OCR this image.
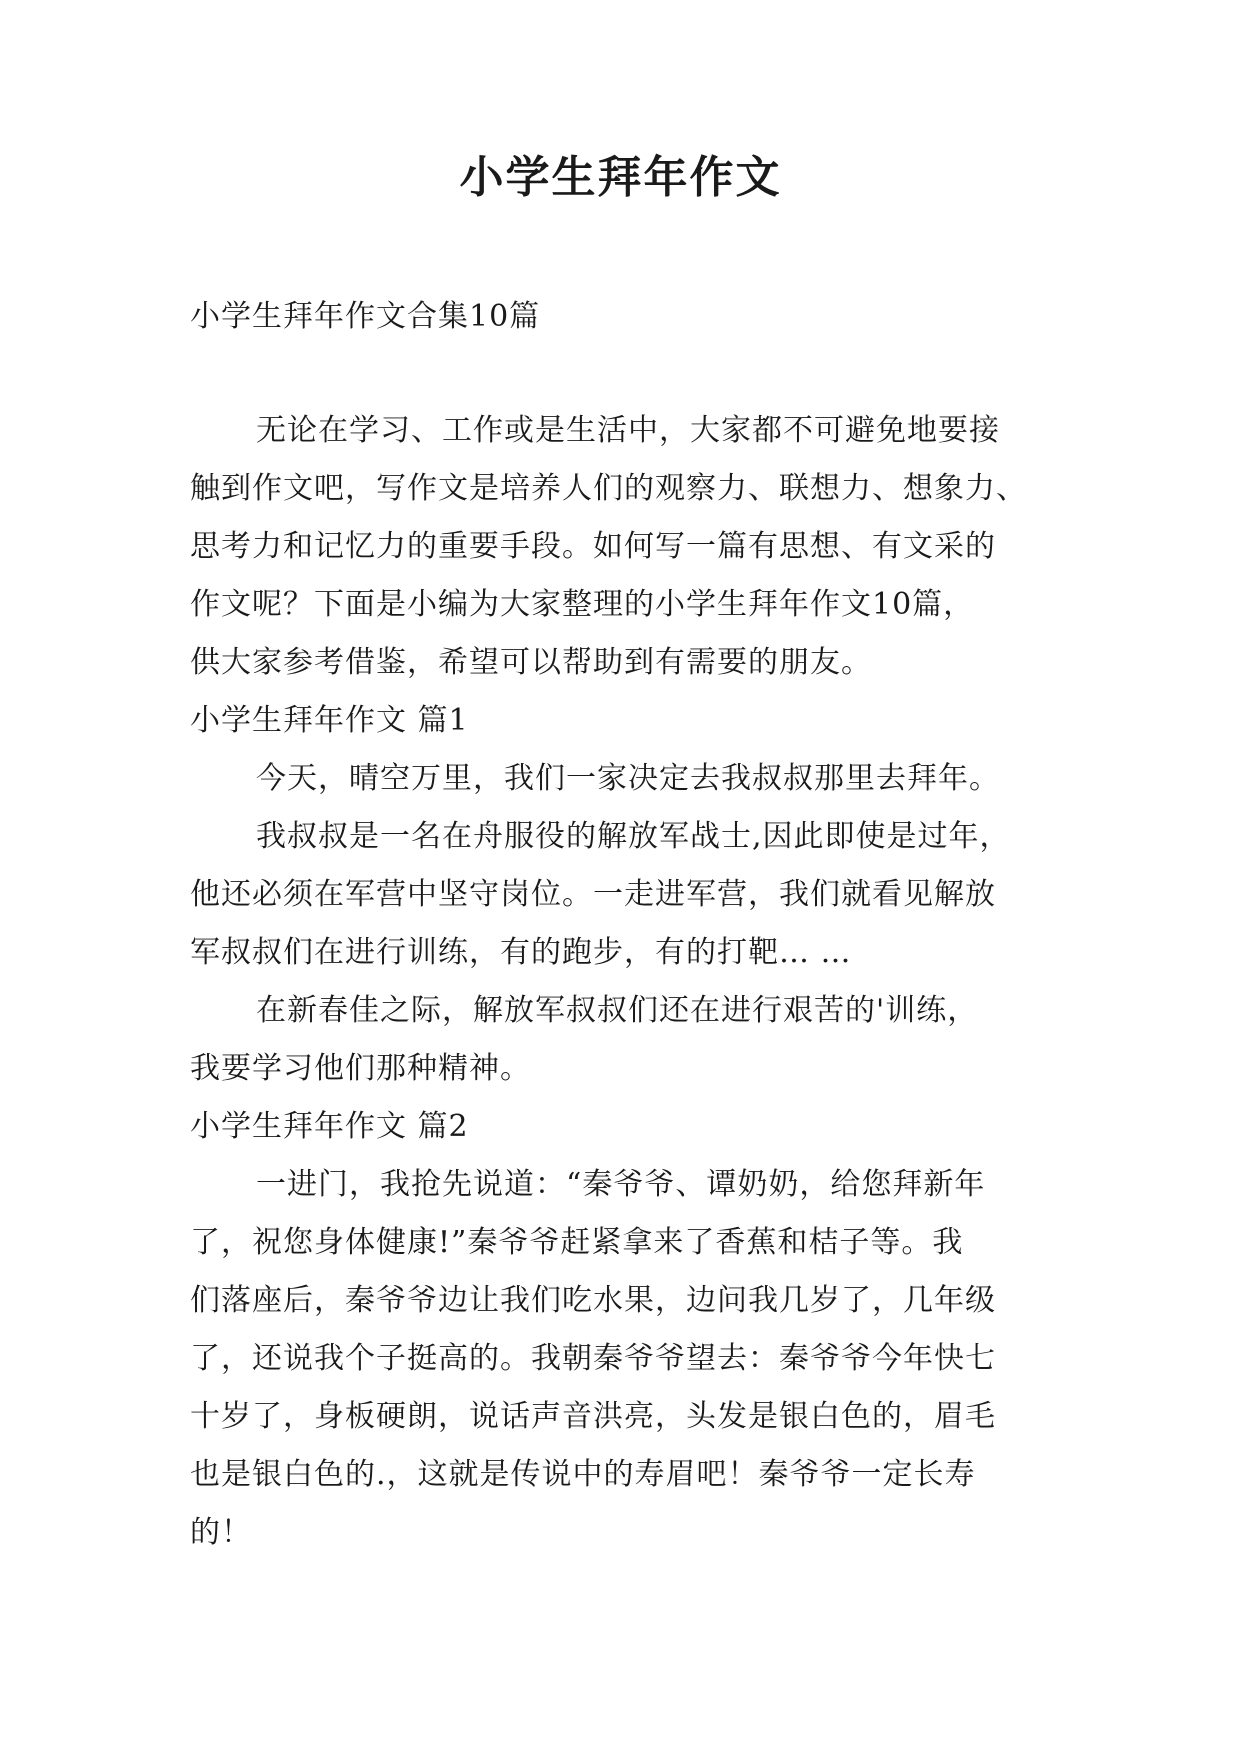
小学生拜年作文
小学生拜年作文合集10篇
无论在学习、工作或是生活中，大家都不可避免地要接
触到作文吧，写作文是培养人们的观察力、联想力、想象力、
思考力和记忆力的重要手段。如何写一篇有思想、有文采的
作文呢？下面是小编为大家整理的小学生拜年作文10篇，
供大家参考借鉴，希望可以帮助到有需要的朋友。
小学生拜年作文 篇1
今天，晴空万里，我们一家决定去我叔叔那里去拜年。
我叔叔是一名在舟服役的解放军战士,因此即使是过年，
他还必须在军营中坚守岗位。一走进军营，我们就看见解放
军叔叔们在进行训练，有的跑步，有的打靶… …
在新春佳之际，解放军叔叔们还在进行艰苦的'训练，
我要学习他们那种精神。
小学生拜年作文 篇2
一进门，我抢先说道：“秦爷爷、谭奶奶，给您拜新年
了，祝您身体健康!”秦爷爷赶紧拿来了香蕉和桔子等。我
们落座后，秦爷爷边让我们吃水果，边问我几岁了，几年级
了，还说我个子挺高的。我朝秦爷爷望去：秦爷爷今年快七
十岁了，身板硬朗，说话声音洪亮，头发是银白色的，眉毛
也是银白色的.，这就是传说中的寿眉吧！秦爷爷一定长寿
的！
